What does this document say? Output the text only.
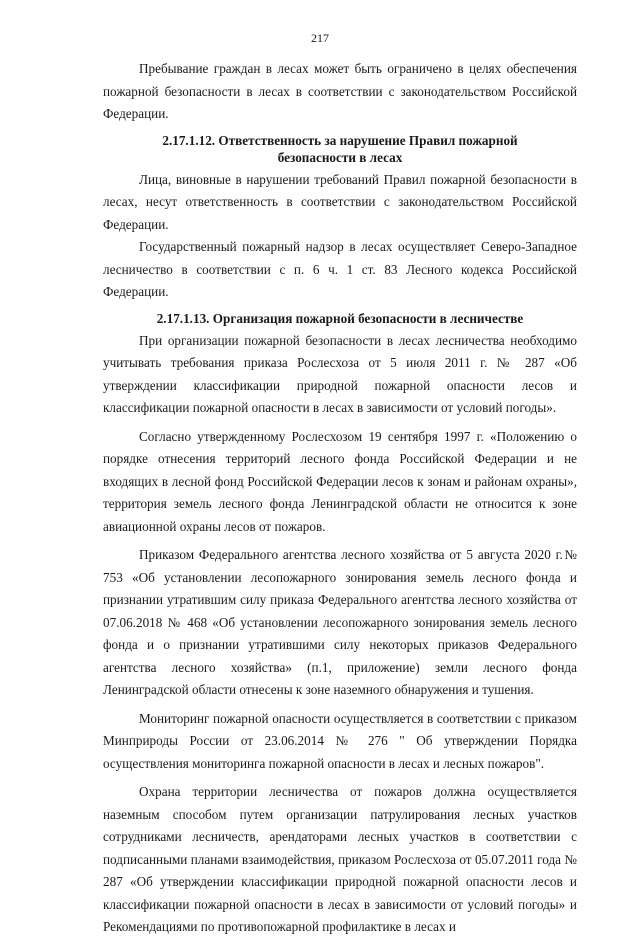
217

Пребывание граждан в лесах может быть ограничено в целях обеспечения пожарной безопасности в лесах в соответствии с законодательством Российской Федерации.

2.17.1.12. Ответственность за нарушение Правил пожарной
безопасности в лесах

Лица, виновные в нарушении требований Правил пожарной безопасности в лесах, несут ответственность в соответствии с законодательством Российской Федерации.

Государственный пожарный надзор в лесах осуществляет Северо-Западное лесничество в соответствии с п. 6 ч. 1 ст. 83 Лесного кодекса Российской Федерации.

2.17.1.13. Организация пожарной безопасности в лесничестве

При организации пожарной безопасности в лесах лесничества необходимо учитывать требования приказа Рослесхоза от 5 июля 2011 г. № 287 «Об утверждении классификации природной пожарной опасности лесов и классификации пожарной опасности в лесах в зависимости от условий погоды».

Согласно утвержденному Рослесхозом 19 сентября 1997 г. «Положению о порядке отнесения территорий лесного фонда Российской Федерации и не входящих в лесной фонд Российской Федерации лесов к зонам и районам охраны», территория земель лесного фонда Ленинградской области не относится к зоне авиационной охраны лесов от пожаров.

Приказом Федерального агентства лесного хозяйства от 5 августа 2020 г.№ 753 «Об установлении лесопожарного зонирования земель лесного фонда и признании утратившим силу приказа Федерального агентства лесного хозяйства от 07.06.2018 № 468 «Об установлении лесопожарного зонирования земель лесного фонда и о признании утратившими силу некоторых приказов Федерального агентства лесного хозяйства» (п.1, приложение) земли лесного фонда Ленинградской области отнесены к зоне наземного обнаружения и тушения.

Мониторинг пожарной опасности осуществляется в соответствии с приказом Минприроды России от 23.06.2014 № 276 " Об утверждении Порядка осуществления мониторинга пожарной опасности в лесах и лесных пожаров".

Охрана территории лесничества от пожаров должна осуществляется наземным способом путем организации патрулирования лесных участков сотрудниками лесничеств, арендаторами лесных участков в соответствии с подписанными планами взаимодействия, приказом Рослесхоза от 05.07.2011 года № 287 «Об утверждении классификации природной пожарной опасности лесов и классификации пожарной опасности в лесах в зависимости от условий погоды» и Рекомендациями по противопожарной профилактике в лесах и
